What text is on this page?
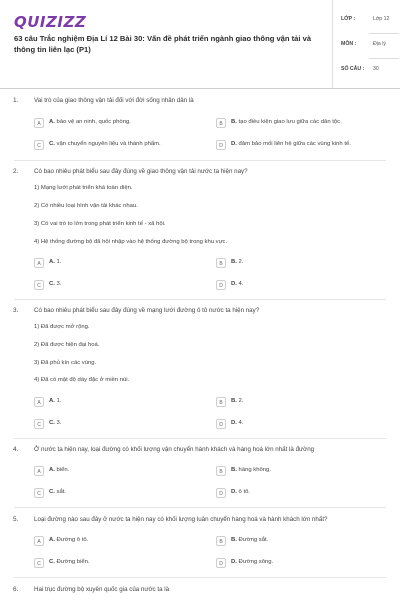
QUIZIZZ
63 câu Trắc nghiệm Địa Lí 12 Bài 30: Vấn đề phát triển ngành giao thông vận tải và thông tin liên lạc (P1)
LỚP :	Lớp 12
MÔN :	Địa lý
SỐ CÂU : 30
1.	Vai trò của giao thông vận tải đối với đời sống nhân dân là
A	A. bảo vệ an ninh, quốc phòng.	B	B. tạo điều kiện giao lưu giữa các dân tộc.
C	C. vận chuyển nguyên liệu và thành phẩm.	D	D. đảm bảo mối liên hệ giữa các vùng kinh tế.
2.	Có bao nhiêu phát biểu sau đây đúng về giao thông vận tải nước ta hiện nay?
1) Mạng lưới phát triển khá toàn diện.
2) Có nhiều loại hình vận tải khác nhau.
3) Có vai trò to lớn trong phát triển kinh tế - xã hội.
4) Hệ thống đường bộ đã hội nhập vào hệ thống đường bộ trong khu vực.
A	A. 1.	B	B. 2.
C	C. 3.	D	D. 4.
3.	Có bao nhiêu phát biểu sau đây đúng về mạng lưới đường ô tô nước ta hiện nay?
1) Đã được mở rộng.
2) Đã được hiện đại hoá.
3) Đã phủ kín các vùng.
4) Đã có mật độ dày đặc ở miền núi.
A	A. 1.	B	B. 2.
C	C. 3.	D	D. 4.
4.	Ở nước ta hiện nay, loại đường có khối lượng vận chuyển hành khách và hàng hoá lớn nhất là đường
A	A. biển.	B	B. hàng không.
C	C. sắt.	D	D. ô tô.
5.	Loại đường nào sau đây ở nước ta hiện nay có khối lượng luân chuyển hàng hoá và hành khách lớn nhất?
A	A. Đường ô tô.	B	B. Đường sắt.
C	C. Đường biển.	D	D. Đường sông.
6.	Hai trục đường bộ xuyên quốc gia của nước ta là
